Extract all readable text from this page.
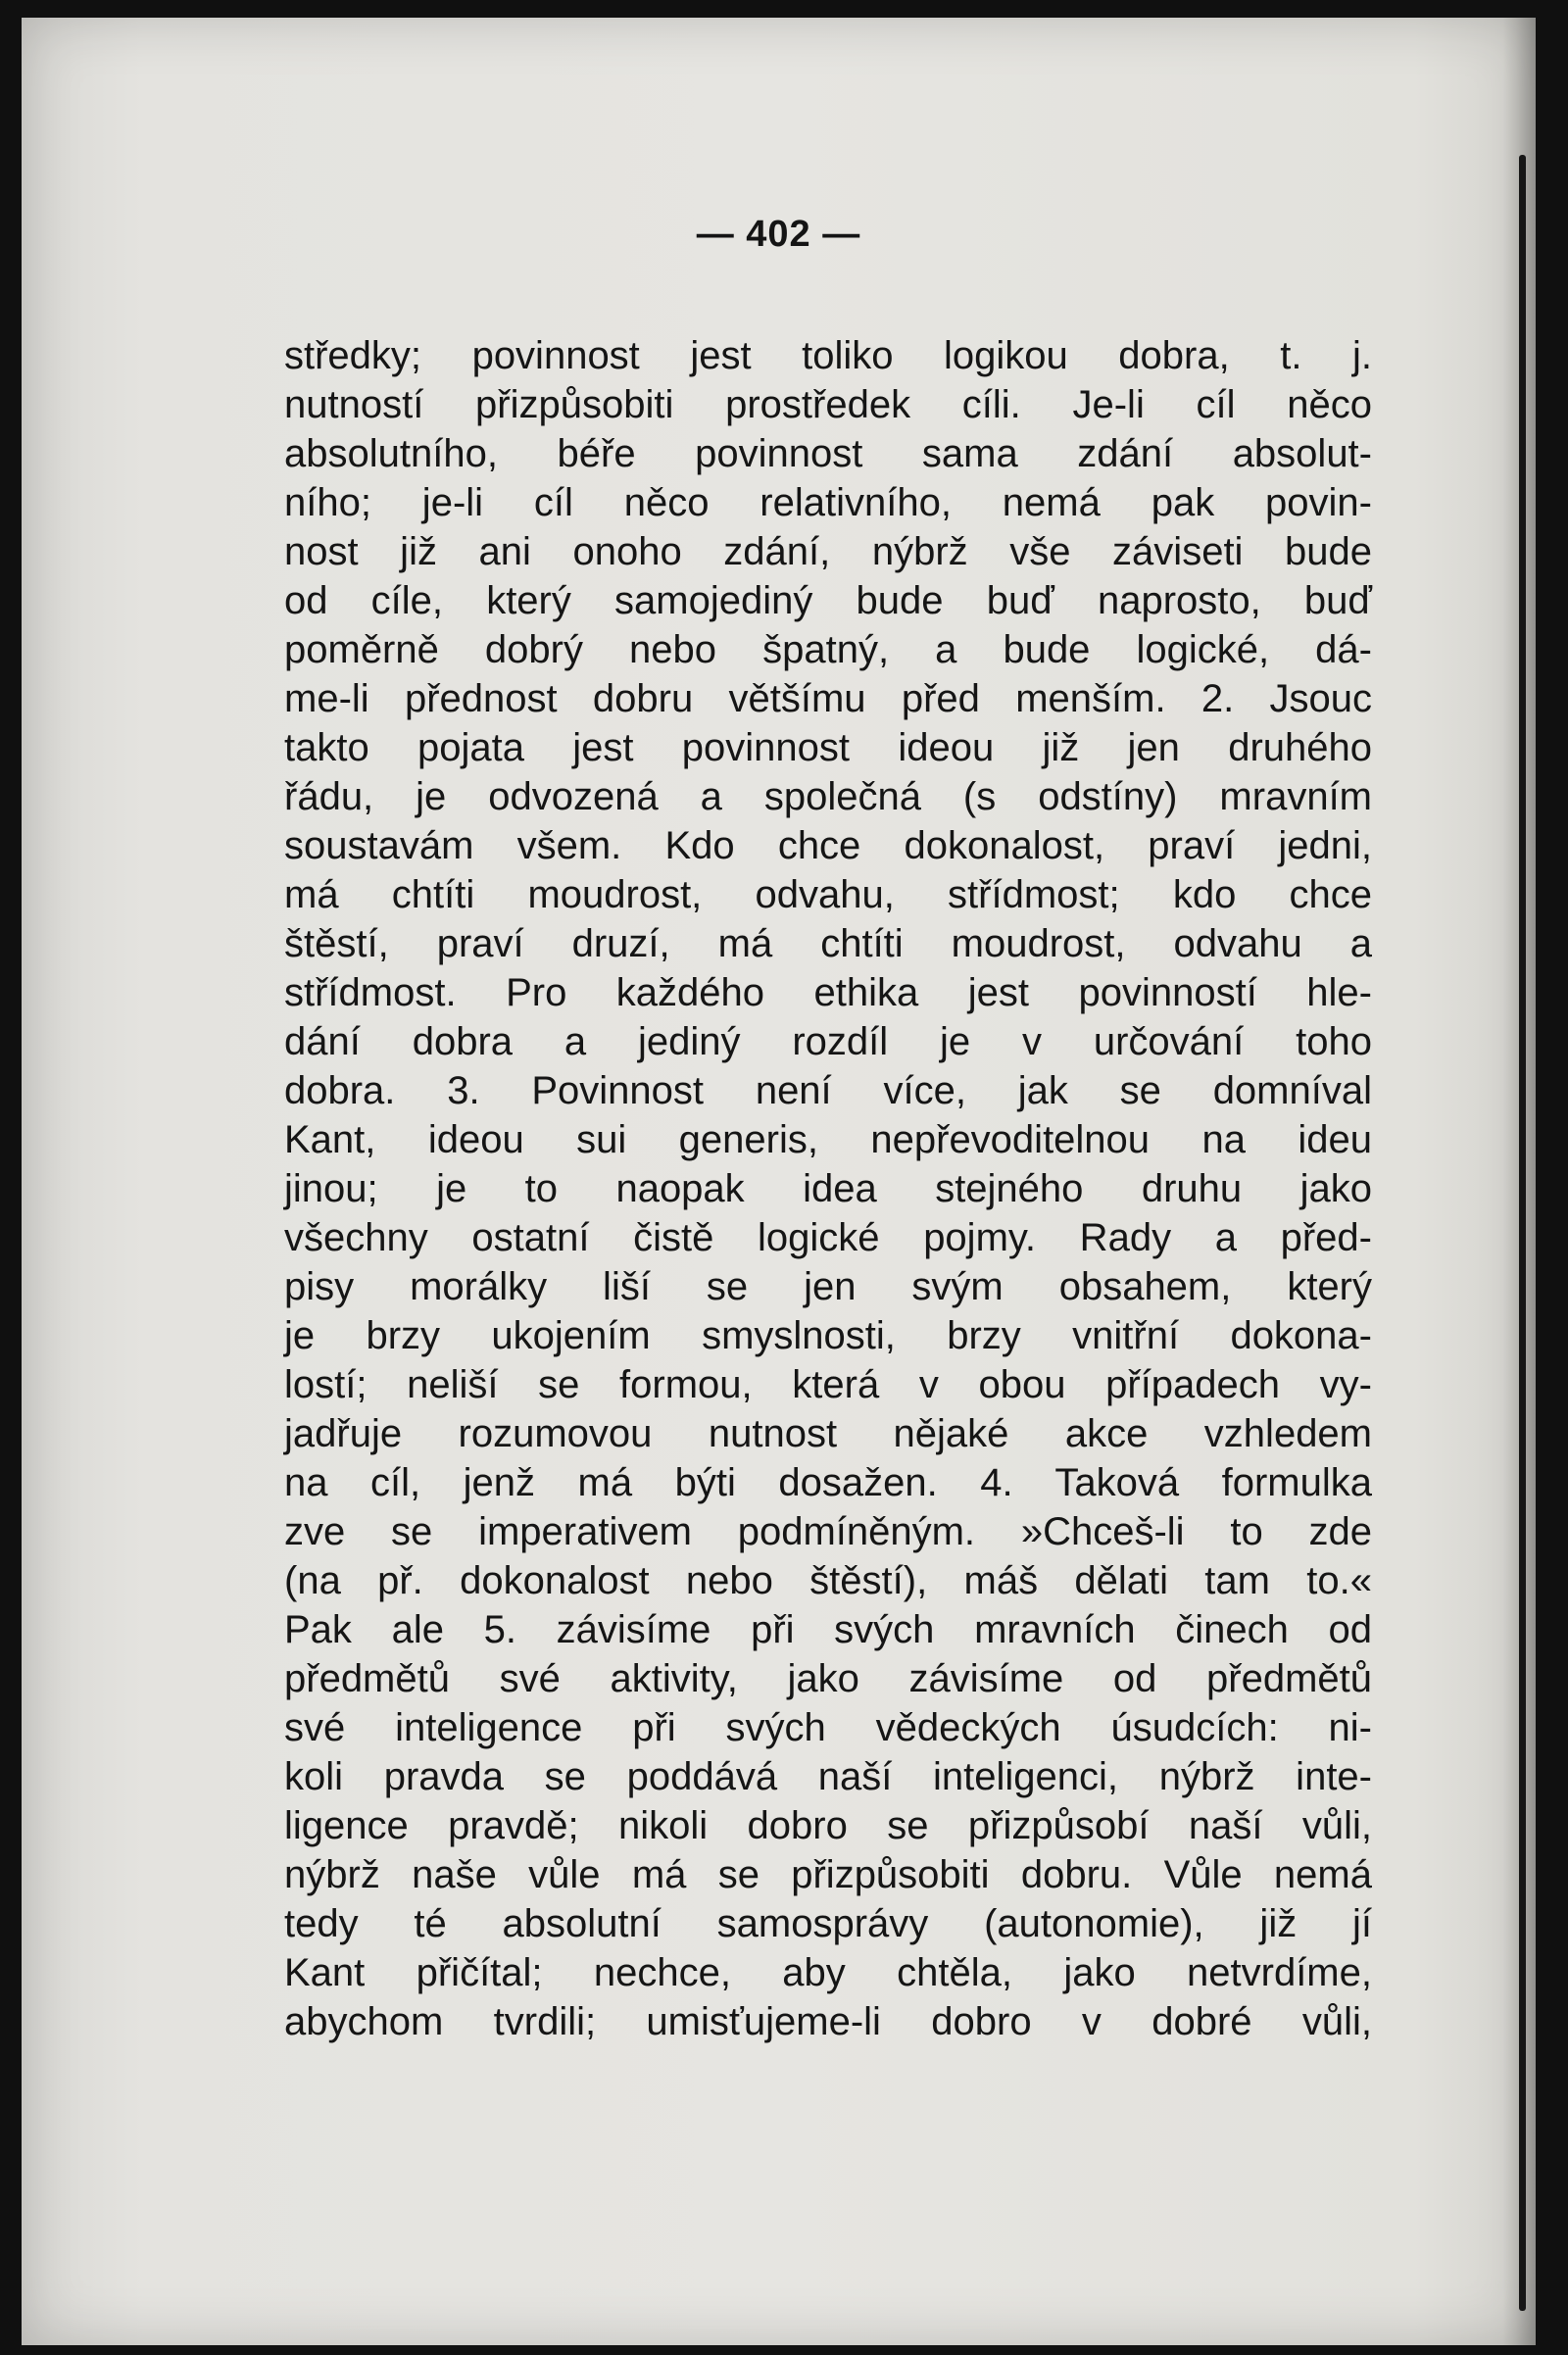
— 402 —
středky; povinnost jest toliko logikou dobra, t. j.
nutností přizpůsobiti prostředek cíli. Je-li cíl něco
absolutního, béře povinnost sama zdání absolut-
ního; je-li cíl něco relativního, nemá pak povin-
nost již ani onoho zdání, nýbrž vše záviseti bude
od cíle, který samojediný bude buď naprosto, buď
poměrně dobrý nebo špatný, a bude logické, dá-
me-li přednost dobru většímu před menším. 2. Jsouc
takto pojata jest povinnost ideou již jen druhého
řádu, je odvozená a společná (s odstíny) mravním
soustavám všem. Kdo chce dokonalost, praví jedni,
má chtíti moudrost, odvahu, střídmost; kdo chce
štěstí, praví druzí, má chtíti moudrost, odvahu a
střídmost. Pro každého ethika jest povinností hle-
dání dobra a jediný rozdíl je v určování toho
dobra. 3. Povinnost není více, jak se domníval
Kant, ideou sui generis, nepřevoditelnou na ideu
jinou; je to naopak idea stejného druhu jako
všechny ostatní čistě logické pojmy. Rady a před-
pisy morálky liší se jen svým obsahem, který
je brzy ukojením smyslnosti, brzy vnitřní dokona-
lostí; neliší se formou, která v obou případech vy-
jadřuje rozumovou nutnost nějaké akce vzhledem
na cíl, jenž má býti dosažen. 4. Taková formulka
zve se imperativem podmíněným. »Chceš-li to zde
(na př. dokonalost nebo štěstí), máš dělati tam to.«
Pak ale 5. závisíme při svých mravních činech od
předmětů své aktivity, jako závisíme od předmětů
své inteligence při svých vědeckých úsudcích: ni-
koli pravda se poddává naší inteligenci, nýbrž inte-
ligence pravdě; nikoli dobro se přizpůsobí naší vůli,
nýbrž naše vůle má se přizpůsobiti dobru. Vůle nemá
tedy té absolutní samosprávy (autonomie), již jí
Kant přičítal; nechce, aby chtěla, jako netvrdíme,
abychom tvrdili; umisťujeme-li dobro v dobré vůli,
